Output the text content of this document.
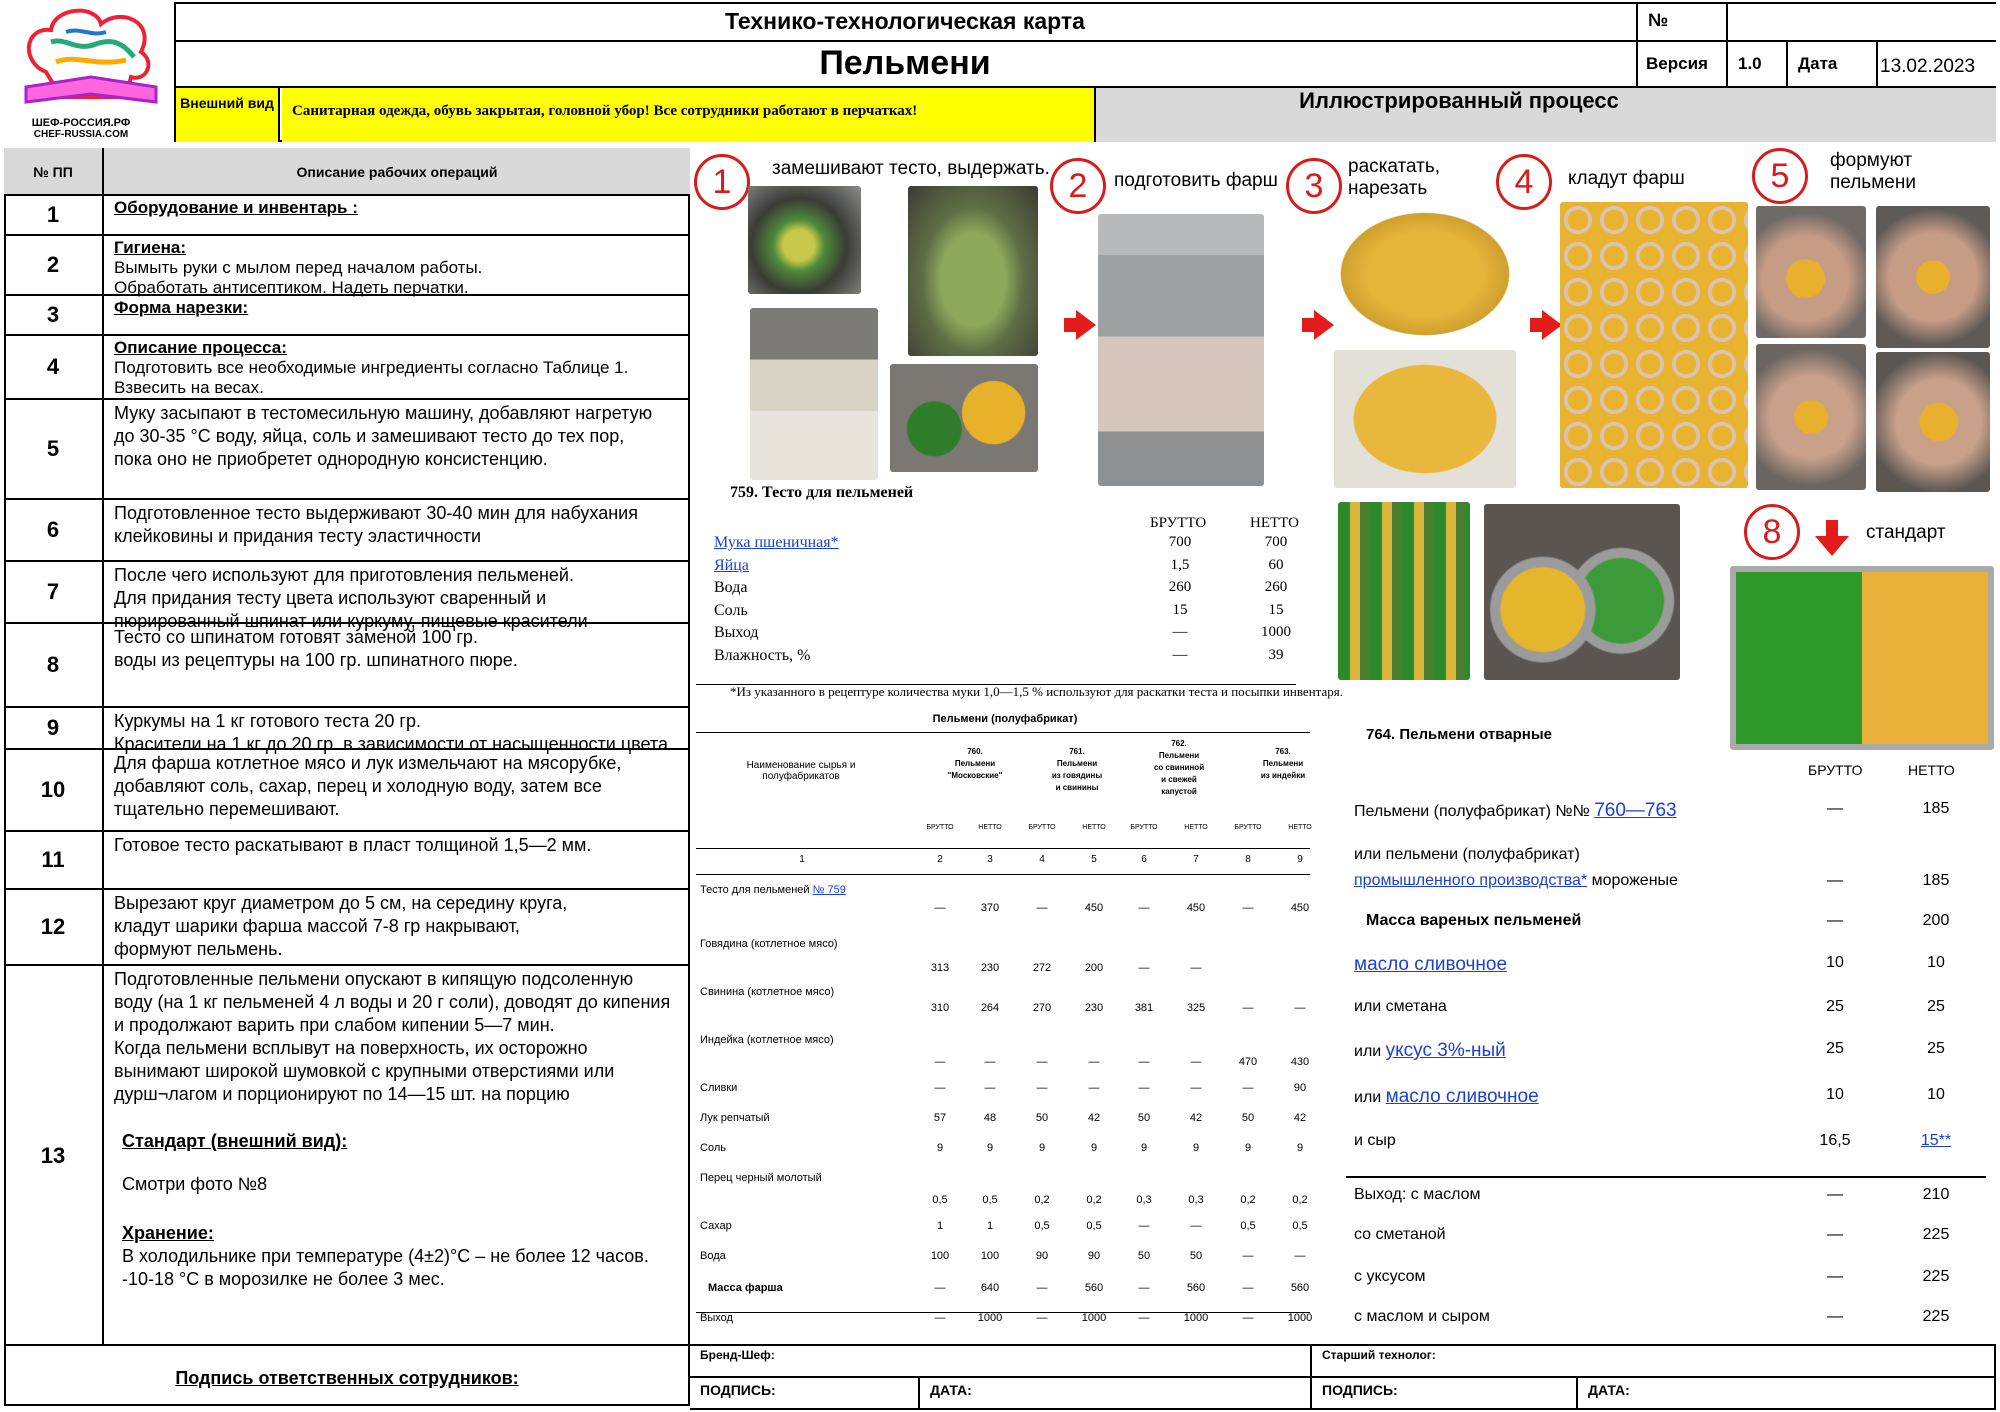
ШЕФ-РОССИЯ.РФ
CHEF-RUSSIA.COM
Технико-технологическая карта
Пельмени
№
Версия 1.0 Дата 13.02.2023
Внешний вид	Санитарная одежда, обувь закрытая, головной убор! Все сотрудники работают в перчатках!	Иллюстрированный процесс
№ ПП	Описание рабочих операций
1	Оборудование и инвентарь :
2
Гигиена:
Вымыть руки с мылом перед началом работы.
Обработать антисептиком. Надеть перчатки.
3	Форма нарезки:
4
Описание процесса:
Подготовить все необходимые ингредиенты согласно Таблице 1.
Взвесить на весах.
5
Муку засыпают в тестомесильную машину, добавляют нагретую
до 30-35 °С воду, яйца, соль и замешивают тесто до тех пор,
пока оно не приобретет однородную консистенцию.
6
Подготовленное тесто выдерживают 30-40 мин для набухания
клейковины и придания тесту эластичности
7
После чего используют для приготовления пельменей.
Для придания тесту цвета используют сваренный и
пюрированный шпинат или куркуму, пищевые красители
8
Тесто со шпинатом готовят заменой 100 гр.
воды из рецептуры на 100 гр. шпинатного пюре.
9	Куркумы на 1 кг готового теста 20 гр.
Красители на 1 кг до 20 гр. в зависимости от насыщенности цвета
10
Для фарша котлетное мясо и лук измельчают на мясорубке,
добавляют соль, сахар, перец и холодную воду, затем все
тщательно перемешивают.
11
Готовое тесто раскатывают в пласт толщиной 1,5—2 мм.
12
Вырезают круг диаметром до 5 см, на середину круга,
кладут шарики фарша массой 7-8 гр накрывают,
формуют пельмень.
13
Подготовленные пельмени опускают в кипящую подсоленную
воду (на 1 кг пельменей 4 л воды и 20 г соли), доводят до кипения
и продолжают варить при слабом кипении 5—7 мин.
Когда пельмени всплывут на поверхность, их осторожно
вынимают широкой шумовкой с крупными отверстиями или
дурш¬лагом и порционируют по 14—15 шт. на порцию
Стандарт (внешний вид):
Смотри фото №8
Хранение:
В холодильнике при температуре (4±2)°С – не более 12 часов.
-10-18 °С в морозилке не более 3 мес.
Подпись ответственных сотрудников:
1	замешивают тесто, выдержать. 2	подготовить фарш 3
раскатать,
нарезать	4	кладут фарш	5	формуют
пельмени
8	стандарт
759. Тесто для пельменей
БРУТТО	НЕТТО
Мука пшеничная*	700	700
Яйца	1,5	60
Вода	260	260
Соль	15	15
Выход	—	1000
Влажность, %	—	39
*Из указанного в рецептуре количества муки 1,0—1,5 % используют для раскатки теста и посыпки инвентаря.
Пельмени (полуфабрикат)
Наименование сырья и полуфабрикатов
760.
Пельмени
"Московские"
БРУТТО	НЕТТО
761.
Пельмени
из говядины
и свинины
БРУТТО	НЕТТО
762.
Пельмени
со свининой
и свежей
капустой
БРУТТО	НЕТТО
763.
Пельмени
из индейки
БРУТТО	НЕТТО
1	2	3	4	5	6	7	8	9
Тесто для пельменей № 759
—	370	—	450	—	450	—	450
Говядина (котлетное мясо)
313	230	272	200	—	—
Свинина (котлетное мясо)
310	264	270	230	381	325	—	—
Индейка (котлетное мясо)
—	—	—	—	—	—	470	430
Сливки	—	—	—	—	—	—	—	90
Лук репчатый	57	48	50	42	50	42	50	42
Соль	9	9	9	9	9	9	9	9
Перец черный молотый
0,5	0,5	0,2	0,2	0,3	0,3	0,2	0,2
Сахар	1	1	0,5	0,5	—	—	0,5	0,5
Вода	100	100	90	90	50	50	—	—
Масса фарша	—	640	—	560	—	560	—	560
Выход	—	1000	—	1000	—	1000	—	1000
764. Пельмени отварные
БРУТТО	НЕТТО
Пельмени (полуфабрикат) №№ 760—763	—	185
или пельмени (полуфабрикат)
промышленного производства* мороженые	—	185
Масса вареных пельменей	—	200
масло сливочное	10	10
или сметана	25	25
или уксус 3%-ный	25	25
или масло сливочное	10	10
и сыр	16,5	15**
Выход: с маслом	—	210
со сметаной	—	225
с уксусом	—	225
с маслом и сыром	—	225
Бренд-Шеф:	Старший технолог:
ПОДПИСЬ:	ДАТА:	ПОДПИСЬ:	ДАТА:
